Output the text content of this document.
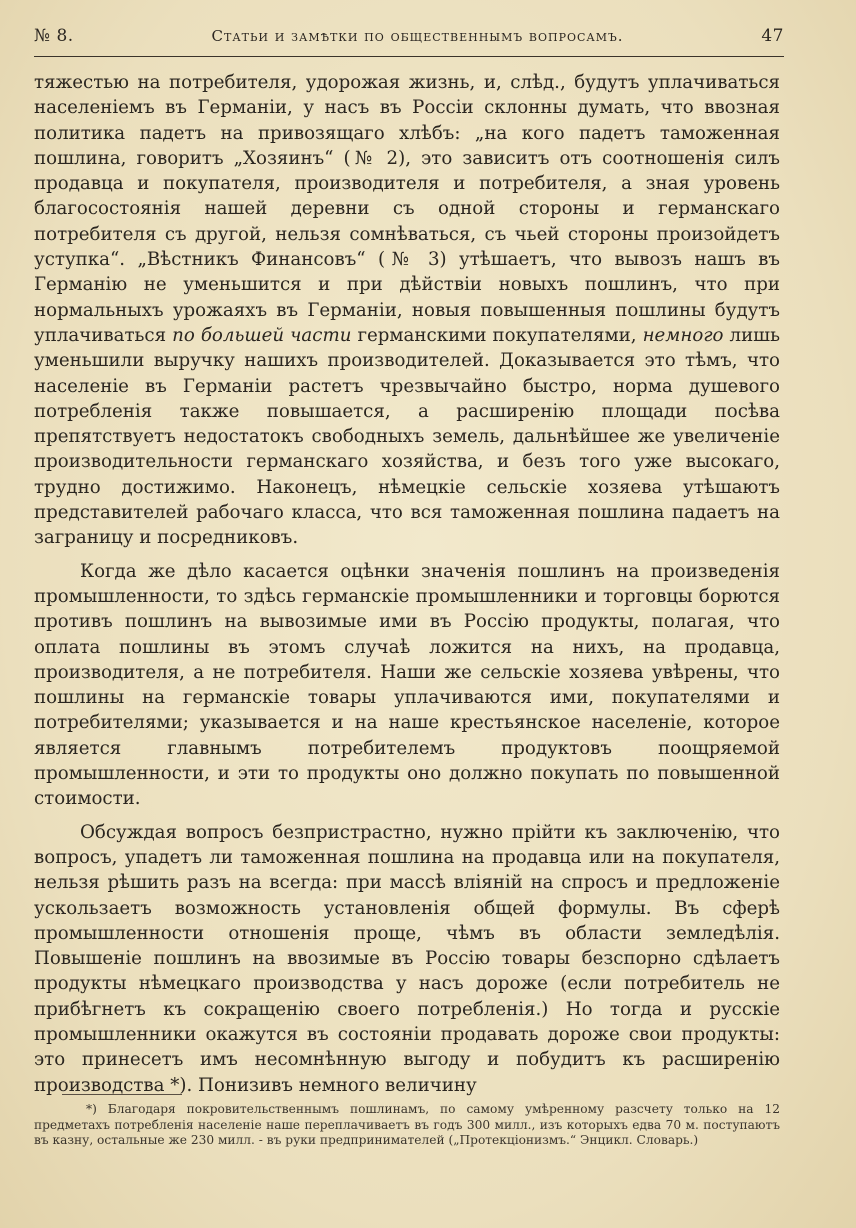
№ 8.	Статьи и замѣтки по общественнымъ вопросамъ.	47

тяжестью на потребителя, удорожая жизнь, и, слѣд., будутъ уплачиваться населеніемъ въ Германіи, у насъ въ Россіи склонны думать, что ввозная политика падетъ на привозящаго хлѣбъ: „на кого падетъ таможенная пошлина, говоритъ „Хозяинъ“ (№ 2), это зависитъ отъ соотношенія силъ продавца и покупателя, производителя и потребителя, а зная уровень благосостоянія нашей деревни съ одной стороны и германскаго потребителя съ другой, нельзя сомнѣваться, съ чьей стороны произойдетъ уступка“. „Вѣстникъ Финансовъ“ (№ 3) утѣшаетъ, что вывозъ нашъ въ Германію не уменьшится и при дѣйствіи новыхъ пошлинъ, что при нормальныхъ урожаяхъ въ Германіи, новыя повышенныя пошлины будутъ уплачиваться по большей части германскими покупателями, немного лишь уменьшили выручку нашихъ производителей. Доказывается это тѣмъ, что населеніе въ Германіи растетъ чрезвычайно быстро, норма душевого потребленія также повышается, а расширенію площади посѣва препятствуетъ недостатокъ свободныхъ земель, дальнѣйшее же увеличеніе производительности германскаго хозяйства, и безъ того уже высокаго, трудно достижимо. Наконецъ, нѣмецкіе сельскіе хозяева утѣшаютъ представителей рабочаго класса, что вся таможенная пошлина падаетъ на заграницу и посредниковъ.

Когда же дѣло касается оцѣнки значенія пошлинъ на произведенія промышленности, то здѣсь германскіе промышленники и торговцы борются противъ пошлинъ на вывозимые ими въ Россію продукты, полагая, что оплата пошлины въ этомъ случаѣ ложится на нихъ, на продавца, производителя, а не потребителя. Наши же сельскіе хозяева увѣрены, что пошлины на германскіе товары уплачиваются ими, покупателями и потребителями; указывается и на наше крестьянское населеніе, которое является главнымъ потребителемъ продуктовъ поощряемой промышленности, и эти то продукты оно должно покупать по повышенной стоимости.

Обсуждая вопросъ безпристрастно, нужно прійти къ заключенію, что вопросъ, упадетъ ли таможенная пошлина на продавца или на покупателя, нельзя рѣшить разъ на всегда: при массѣ вліяній на спросъ и предложеніе ускользаетъ возможность установленія общей формулы. Въ сферѣ промышленности отношенія проще, чѣмъ въ области земледѣлія. Повышеніе пошлинъ на ввозимые въ Россію товары безспорно сдѣлаетъ продукты нѣмецкаго производства у насъ дороже (если потребитель не прибѣгнетъ къ сокращенію своего потребленія.) Но тогда и русскіе промышленники окажутся въ состояніи продавать дороже свои продукты: это принесетъ имъ несомнѣнную выгоду и побудитъ къ расширенію производства *). Понизивъ немного величину

*) Благодаря покровительственнымъ пошлинамъ, по самому умѣренному разсчету только на 12 предметахъ потребленія населеніе наше переплачиваетъ въ годъ 300 милл., изъ которыхъ едва 70 м. поступаютъ въ казну, остальные же 230 милл. - въ руки предпринимателей („Протекціонизмъ.“ Энцикл. Словарь.)
